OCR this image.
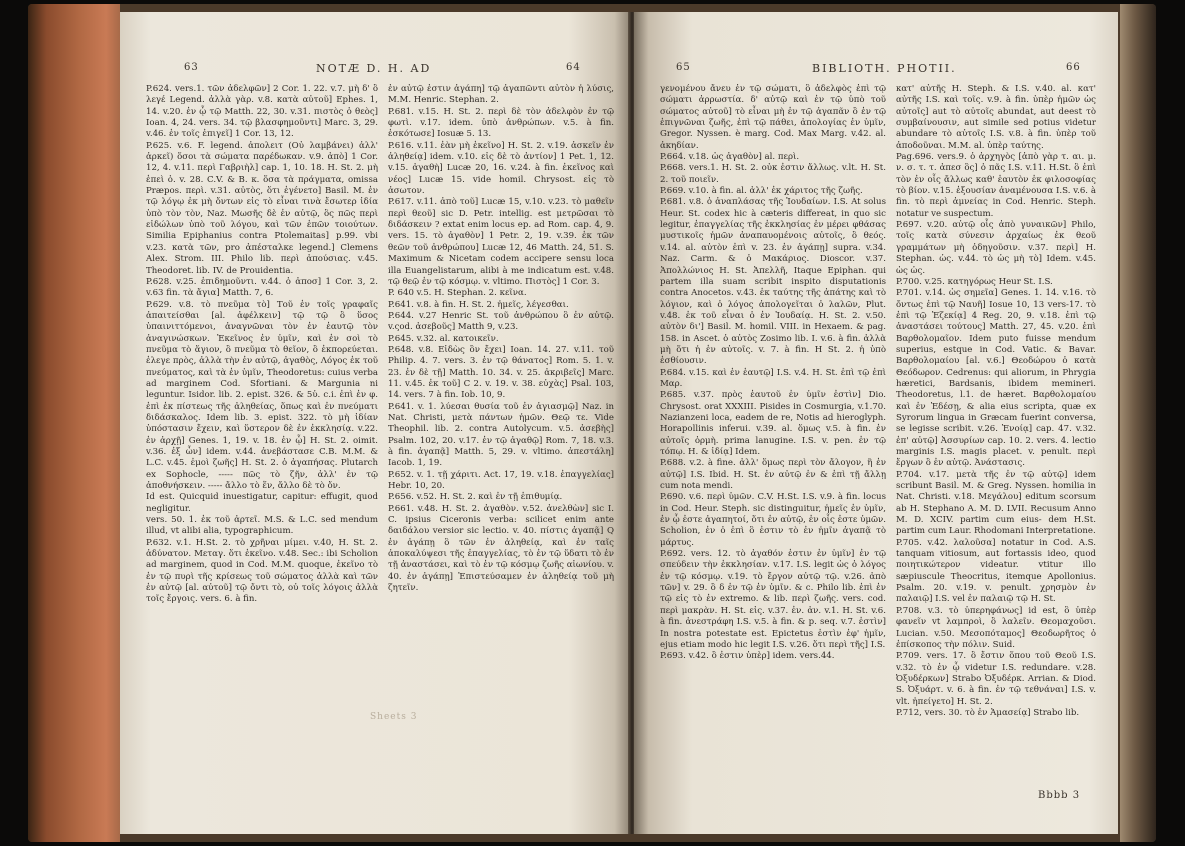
63	NOTÆ D. H. AD	64

P.624. vers.1. τῶν ἀδελφῶν] 2 Cor. 1. 22. v.7. μὴ δ' ὃ λεγέ Legend. ἀλλὰ γὰρ. v.8. κατὰ αὐτοῦ] Ephes. 1, 14. v.20. ἐν ᾧ τῷ Matth. 22, 30. v.31. πιστὸς ὁ θεὸς] Ioan. 4, 24. vers. 34. τῷ βλασφημοῦντι] Marc. 3, 29. v.46. ἐν τοῖς ἐπιγεῖ] 1 Cor. 13, 12.

P.625. v.6. F. legend. ἀπολειτ (Οὐ λαμβάνει) ἀλλ' ἀρκεῖ) ὅσοι τὰ σώματα παρέδωκαν. v.9. ἀπὸ] 1 Cor. 12, 4. v.11. περὶ Γαβριὴλ] cap. 1, 10. 18. H. St. 2. μὴ ἐπεὶ ὁ. v. 28. C.V. & B. κ. ὅσα τὰ πράγματα, omissa Præpos. περὶ. v.31. αὐτὸς, ὅτι ἐγένετο] Basil. M. ἐν τῷ λόγῳ ἐκ μὴ ὄντων εἰς τὸ εἶναι τινὰ ἔσωτερ ἰδία ὑπὸ τὸν τὸν, Naz. Μωσῆς δὲ ἐν αὐτῷ, ὃς πῶς περὶ εἰδώλων ὑπὸ τοῦ λόγου, καὶ τῶν ἐπῶν τοιούτων. Similia Epiphanius contra Ptolemaitas] p.99. vbi v.23. κατὰ τῶν, pro ἀπέσταλκε legend.] Clemens Alex. Strom. III. Philo lib. περὶ ἀπούσιας. v.45. Theodoret. lib. IV. de Prouidentia.

P.628. v.25. ἐπιδημοῦντι. v.44. ὁ ἀποσ] 1 Cor. 3, 2. v.63 fin. τὰ ἄγια] Matth. 7, 6.

P.629. v.8. τὸ πνεῦμα τὸ] Τοῦ ἐν τοῖς γραφαῖς ἀπαιτείσθαι [al. ἀφέλκειν] τῷ τῷ ὃ ὕσος ὑπαινιττόμενοι, ἀναγνῶναι τὸν ἐν ἑαυτῷ τὸν ἀναγινώσκων. Ἐκεῖνος ἐν ὑμῖν, καὶ ἐν σοὶ τὸ πνεῦμα τὸ ἅγιον, ὃ πνεῦμα τὸ θεῖον, ὃ ἐκπορεύεται. ἐλεγε πρὸς, ἀλλὰ τὴν ἐν αὐτῷ, ἀγαθὸς, Λόγος ἐκ τοῦ πνεύματος, καὶ τὰ ἐν ὑμῖν, Theodoretus: cuius verba ad marginem Cod. Sfortiani. & Margunia ni leguntur. Isidor. lib. 2. epist. 326. & 5ὑ. c.i. ἐπὶ ἐν φ. ἐπὶ ἐκ πίστεως τῆς ἀληθείας, ὅπως καὶ ἐν πνεύματι διδάσκαλος. Idem lib. 3. epist. 322. τὸ μὴ ἰδίαν ὑπόστασιν ἔχειν, καὶ ὕστερον δὲ ἐν ἐκκλησίᾳ. v.22. ἐν ἀρχῇ] Genes. 1, 19. v. 18. ἐν ᾧ] H. St. 2. oimit. v.36. ἐξ ὧν] idem. v.44. ἀνεβάστασε C.B. M.M. & L.C. v.45. ἐμοὶ ζωῆς] H. St. 2. ὁ ἀγαπήσας. Plutarch ex Sophocle, ----- πῶς τὸ ζῆν, ἀλλ' ἐν τῷ ἀποθνήσκειν. ----- ἄλλο τὸ ἕν, ἄλλο δὲ τὸ ὄν.

Id est. Quicquid inuestigatur, capitur: effugit, quod negligitur.

vers. 50. 1. ἐκ τοῦ ἀρτεῖ. M.S. & L.C. sed mendum illud, vt alibi alia, typographicum.

P.632. v.1. H.St. 2. τὸ χρῆναι μίμει. v.40, H. St. 2. ἀδύνατον. Μεταγ. ὅτι ἐκεῖνο. v.48. Sec.: ibi Scholion ad marginem, quod in Cod. M.M. quoque, ἐκεῖνο τὸ ἐν τῷ πυρὶ τῆς κρίσεως τοῦ σώματος ἀλλὰ καὶ τῶν ἐν αὐτῷ [al. αὐτοῦ] τῷ ὄντι τὸ, οὐ τοῖς λόγοις ἀλλὰ τοῖς ἔργοις. vers. 6. à fin.

ἐν αὐτῷ ἐστιν ἀγάπη] τῷ ἀγαπῶντι αὐτὸν ἡ λύσις, M.M. Henric. Stephan. 2.

P.681. v.15. H. St. 2. περὶ δὲ τὸν ἀδελφὸν ἐν τῷ φωτὶ. v.17. idem. ὑπὸ ἀνθρώπων. v.5. à fin. ἐσκότωσε] Iosuæ 5. 13.

P.616. v.11. ἐὰν μὴ ἐκεῖνο] H. St. 2. v.19. ἀσκεῖν ἐν ἀληθείᾳ] idem. v.10. εἰς δὲ τὸ ἀντίον] 1 Pet. 1, 12. v.15. ἀγαθὴ] Lucæ 20, 16. v.24. à fin. ἐκεῖνος καὶ νέος] Lucæ 15. vide homil. Chrysost. εἰς τὸ ἀσωτον.

P.617. v.11. ἀπὸ τοῦ] Lucæ 15, v.10. v.23. τὸ μαθεῖν περὶ θεοῦ] sic D. Petr. intellig. est μετρῶσαι τὸ διδάσκειν ? extat enim locus ep. ad Rom. cap. 4, 9. vers. 15. τὸ ἀγαθὸν] 1 Petr. 2, 19. v.39. ἐκ τῶν θεῶν τοῦ ἀνθρώπου] Lucæ 12, 46 Matth. 24, 51. S. Maximum & Nicetam codem accipere sensu loca illa Euangelistarum, alibi à me indicatum est. v.48. τῷ θεῷ ἐν τῷ κόσμῳ. v. vltimo. Πιστὸς] 1 Cor. 3.

P. 640 v.5. H. Stephan. 2. κεῖνα.

P.641. v.8. à fin. H. St. 2. ἡμεῖς, λέγεσθαι.

P.644. v.27 Henric St. τοῦ ἀνθρώπου ὃ ἐν αὐτῷ. v.ςod. ἀσεβοῦς] Matth 9, v.23.

P.645. v.32. al. κατοικεῖν.

P.648. v.8. Εἰδὼς ὃν ἔχει] Ioan. 14. 27. v.11. τοῦ Philip. 4. 7. vers. 3. ἐν τῷ θάνατος] Rom. 5. 1. v. 23. ἐν δὲ τῇ] Matth. 10. 34. v. 25. ἀκριβεῖς] Marc. 11. v.45. ἐκ τοῦ] C 2. v. 19. v. 38. εὐχὰς] Psal. 103, 14. vers. 7 à fin. Iob. 10, 9.

P.641. v. 1. λύεσαι θυσία τοῦ ἐν ἁγιασμῷ] Naz. in Nat. Christi, μετὰ πάντων ἡμῶν. Θεῷ τε. Vide Theophil. lib. 2. contra Autolycum. v.5. ἀσεβὴς] Psalm. 102, 20. v.17. ἐν τῷ ἀγαθῷ] Rom. 7, 18. v.3. à fin. ἀγαπᾷ] Matth. 5, 29. v. vltimo. ἀπεστάλη] Iacob. 1, 19.

P.652. v. 1. τῇ χάριτι. Act. 17, 19. v.18. ἐπαγγελίας] Hebr. 10, 20.

P.656. v.52. H. St. 2. καὶ ἐν τῇ ἐπιθυμίᾳ.

P.661. v.48. H. St. 2. ἀγαθὸν. v.52. ἀνελθὼν] sic I. C. ipsius Ciceronis verba: scilicet enim ante δαιδάλου versior sic lectio. v. 40. πίστις ἀγαπᾷ] Q ἐν ἀγάπῃ ὃ τῶν ἐν ἀληθείᾳ, καὶ ἐν ταῖς ἀποκαλύψεσι τῆς ἐπαγγελίας, τὸ ἐν τῷ ὕδατι τὸ ἐν τῇ ἀναστάσει, καὶ τὸ ἐν τῷ κόσμῳ ζωῆς αἰωνίου. v. 40. ἐν ἀγάπῃ] Ἐπιστεύσαμεν ἐν ἀληθείᾳ τοῦ μὴ ζητεῖν.

Sheets 3
65	BIBLIOTH. PHOTII.	66

γενομένου ἄνευ ἐν τῷ σώματι, ὃ ἀδελφὸς ἐπὶ τῷ σώματι ἀρρωστία. δ' αὐτῷ καὶ ἐν τῷ ὑπὸ τοῦ σώματος αὐτοῦ] τὸ εἶναι μὴ ἐν τῷ ἀγαπᾶν ὃ ἐν τῷ ἐπιγνῶναι ζωῆς, ἐπὶ τῷ πάθει, ἀπολογίας ἐν ὑμῖν, Gregor. Nyssen. è marg. Cod. Max Marg. v.42. al. ἀκηδίαν.

P.664. v.18. ὡς ἀγαθὸν] al. περὶ.

P.668. vers.1. H. St. 2. οὐκ ἐστιν ἄλλως. v.lt. H. St. 2. τοῦ ποιεῖν.

P.669. v.10. à fin. al. ἀλλ' ἐκ χάριτος τῆς ζωῆς.

P.681. v.8. ὁ ἀναπλάσας τῆς Ἰουδαίων. I.S. At solus Heur. St. codex hic à cæteris differeat, in quo sic legitur, ἐπαγγελίας τῆς ἐκκλησίας ἐν μέρει φθάσας μυστικοῖς ἡμῶν ἀναπαυομένοις αὐτοῖς, ὃ θεός. v.14. al. αὐτὸν ἐπὶ v. 23. ἐν ἀγάπῃ] supra. v.34. Naz. Carm. & ὁ Μακάριος. Dioscor. v.37. Ἀπολλώνιος H. St. Ἀπελλῆ, Itaque Epiphan. qui partem illa suam scribit inspito disputationis contra Anocetos. v.43. ἐκ ταύτης τῆς ἀπάτης καὶ τὸ λόγιον, καὶ ὁ λόγος ἀπολογεῖται ὁ λαλῶν, Plut. v.48. ἐκ τοῦ εἶναι ὁ ἐν Ἰουδαίᾳ. H. St. 2. v.50. αὐτὸν δι'] Basil. M. homil. VIII. in Hexaem. & pag. 158. in Ascet. ὁ αὐτὸς Zosimo lib. I. v.6. à fin. ἀλλὰ μὴ ὅτι ἡ ἐν αὐτοῖς. v. 7. à fin. H St. 2. ἡ ὑπὸ ἐσθίουσιν.

P.684. v.15. καὶ ἐν ἑαυτῷ] I.S. v.4. H. St. ἐπὶ τῷ ἐπὶ Μαρ.

P.685. v.37. πρὸς ἑαυτοῦ ἐν ὑμῖν ἐστὶν] Dio. Chrysost. orat XXXIII. Pisides in Cosmurgia, v.1.70. Nazianzeni loca, eadem de re, Notis ad hieroglyph. Horapollinis inferui. v.39. al. ὅμως v.5. à fin. ἐν αὐτοῖς ὁρμὴ. prima lanugine. I.S. v. pen. ἐν τῷ τόπῳ. H. & ἰδίᾳ] Idem.

P.688. v.2. à fine. ἀλλ' ὅμως περὶ τὸν ἄλογον, ἢ ἐν αὐτῷ] I.S. Ibid. H. St. ἐν αὐτῷ ἐν & ἐπὶ τῇ ἄλλῃ cum nota mendi.

P.690. v.6. περὶ ὑμῶν. C.V. H.St. I.S. v.9. à fin. locus in Cod. Heur. Steph. sic distinguitur, ἡμεῖς ἐν ὑμῖν, ἐν ᾧ ἐστε ἀγαπητοί, ὅτι ἐν αὐτῷ, ἐν οἷς ἐστε ὑμῶν. Scholion, ἐν ὁ ἐπὶ ὃ ἐστιν τὸ ἐν ἡμῖν ἀγαπᾷ τὸ μάρτυς.

P.692. vers. 12. τὸ ἀγαθόν ἐστιν ἐν ὑμῖν] ἐν τῷ σπεύδειν τὴν ἐκκλησίαν. v.17. I.S. legit ὡς ὁ λόγος ἐν τῷ κόσμῳ. v.19. τὸ ἔργον αὐτῷ τῷ. v.26. ἀπὸ τῶν] v. 29. ὃ δ ἐν τῷ ἐν ὑμῖν. & c. Philo lib. ἐπὶ ἐν τῷ εἰς τὸ ἐν extremo. & lib. περὶ ζωῆς. vers. cod. περὶ μακρὰν. H. St. εἰς. v.37. ἐν. ἀν. v.1. H. St. v.6. à fin. ἀνεστράφη I.S. v.5. à fin. & p. seq. v.7. ἐστὶν] In nostra potestate est. Epictetus ἐστὶν ἐφ' ἡμῖν, ejus etiam modo hic legit I.S. v.26. ὅτι περὶ τῆς] I.S.

P.693. v.42. ὃ ἐστιν ὑπὲρ] idem. vers.44.

κατ' αὐτῆς H. Steph. & I.S. v.40. al. κατ' αὐτῆς I.S. καὶ τοῖς. v.9. à fin. ὑπὲρ ἡμῶν ὡς αὐτοῖς] aut τὸ αὐτοῖς abundat, aut deest τὸ συμβαίνουσιν, aut simile sed potius videtur abundare τὸ αὐτοῖς I.S. v.8. à fin. ὑπὲρ τοῦ ἀποδοῦναι. M.M. al. ὑπὲρ ταύτης.

Pag.696. vers.9. ὁ ἀρχηγὸς [ἀπὸ γὰρ τ. αι. μ. ν. σ. τ. τ. ἀπεσ ὃς] ὁ πᾶς I.S. v.11. H.St. ὃ ἐπὶ τὸν ἐν οἷς ἄλλως καθ' ἑαυτὸν ἐκ φιλοσοφίας τὸ βίον. v.15. ἐξουσίαν ἀναμένουσα I.S. v.6. à fin. τὸ περὶ ἀμνείας in Cod. Henric. Steph. notatur ve suspectum.

P.697. v.20. αὐτῷ οἷς ἀπὸ γυναικῶν] Philo, τοῖς κατὰ σύνεσιν ἀρχαίως ἐκ θεοῦ γραμμάτων μὴ ὁδηγοῦσιν. v.37. περὶ] H. Stephan. ὡς. v.44. τὸ ὡς μὴ τὸ] Idem. v.45. ὡς ὡς.

P.700. v.25. κατηγόρως Heur St. I.S.

P.701. v.14. ὡς σημεῖα] Genes. 1. 14. v.16. τὸ ὄντως ἐπὶ τῷ Ναυῆ] Iosue 10, 13 vers-17. τὸ ἐπὶ τῷ Ἐζεκίᾳ] 4 Reg. 20, 9. v.18. ἐπὶ τῷ ἀναστάσει τούτους] Matth. 27, 45. v.20. ἐπὶ Βαρθολομαῖον. Idem puto fuisse mendum superius, estque in Cod. Vatic. & Bavar. Βαρθολομαίου [al. v.6.] Θεοδώρου ὁ κατὰ Θεόδωρον. Cedrenus: qui aliorum, in Phrygia hæretici, Bardsanis, ibidem memineri. Theodoretus, l.1. de hæret. Βαρθολομαίου καὶ ἐν Ἐδέσῃ, & alia eius scripta, quæ ex Syrorum lingua in Græcam fuerint conversa, se legisse scribit. v.26. Ἐνοίᾳ] cap. 47. v.32. ἐπ' αὐτῷ] Ἀσσυρίων cap. 10. 2. vers. 4. lectio marginis I.S. magis placet. v. penult. περὶ ἔργων ὃ ἐν αὐτῷ. Ἀνάστασις.

P.704. v.17. μετὰ τῆς ἐν τῷ αὐτῷ] idem scribunt Basil. M. & Greg. Nyssen. homilia in Nat. Christi. v.18. Μεγάλου] editum scorsum ab H. Stephano A. M. D. LVII. Recusum Anno M. D. XCIV. partim cum eius- dem H.St. partim cum Laur. Rhodomani Interpretatione.

P.705. v.42. λαλοῦσα] notatur in Cod. A.S. tanquam vitiosum, aut fortassis ideo, quod ποιητικώτερον videatur. vtitur illo sæpiuscule Theocritus, itemque Apollonius. Psalm. 20. v.19. v. penult. χρησμὸν ἐν παλαιῷ] I.S. vel ἐν παλαιῷ τῷ H. St.

P.708. v.3. τὸ ὑπερηφάνως] id est, ὃ ὑπὲρ φανεῖν vt λαμπροὶ, ὃ λαλεῖν. Θεομαχοῦσι. Lucian. v.50. Μεσοπόταμος] Θεοδωρῆτος ὁ ἐπίσκοπος τὴν πόλιν. Suid.

P.709. vers. 17. ὃ ἔστιν ὅπου τοῦ Θεοῦ I.S. v.32. τὸ ἐν ᾧ videtur I.S. redundare. v.28. Ὀξυδέρκων] Strabo Ὀξυδέρκ. Arrian. & Diod. S. Ὀξυάρτ. v. 6. à fin. ἐν τῷ τεθνάναι] I.S. v. vlt. ἠπείγετο] H. St. 2.

P.712, vers. 30. τὸ ἐν Ἀμασείᾳ] Strabo lib.

Bbbb 3
